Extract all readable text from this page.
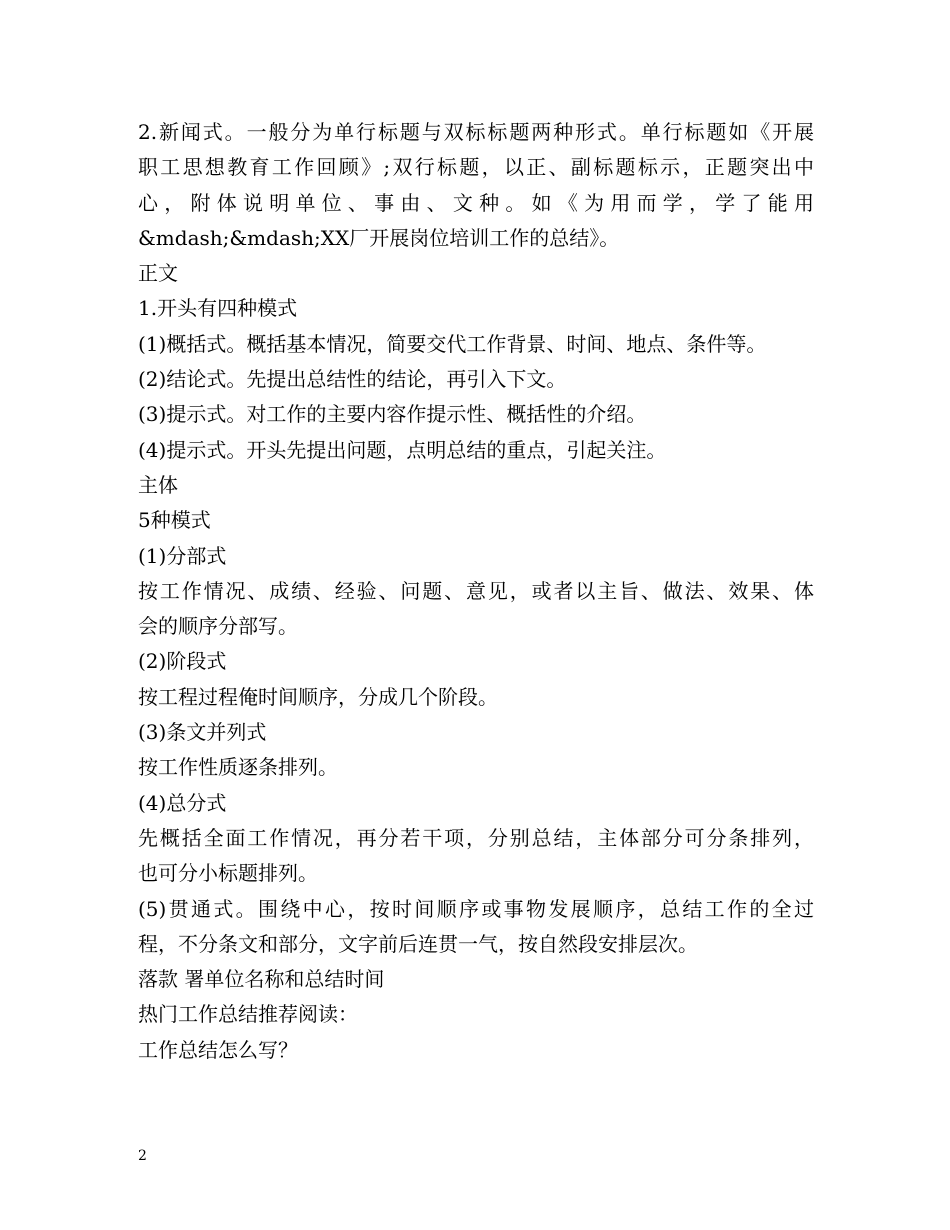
2.新闻式。一般分为单行标题与双标标题两种形式。单行标题如《开展
职工思想教育工作回顾》;双行标题，以正、副标题标示，正题突出中
心，附体说明单位、事由、文种。如《为用而学，学了能用
&mdash;&mdash;XX厂开展岗位培训工作的总结》。
正文
1.开头有四种模式
(1)概括式。概括基本情况，简要交代工作背景、时间、地点、条件等。
(2)结论式。先提出总结性的结论，再引入下文。
(3)提示式。对工作的主要内容作提示性、概括性的介绍。
(4)提示式。开头先提出问题，点明总结的重点，引起关注。
主体
5种模式
(1)分部式
按工作情况、成绩、经验、问题、意见，或者以主旨、做法、效果、体
会的顺序分部写。
(2)阶段式
按工程过程俺时间顺序，分成几个阶段。
(3)条文并列式
按工作性质逐条排列。
(4)总分式
先概括全面工作情况，再分若干项，分别总结，主体部分可分条排列，
也可分小标题排列。
(5)贯通式。围绕中心，按时间顺序或事物发展顺序，总结工作的全过
程，不分条文和部分，文字前后连贯一气，按自然段安排层次。
落款 署单位名称和总结时间
热门工作总结推荐阅读：
工作总结怎么写？
2
